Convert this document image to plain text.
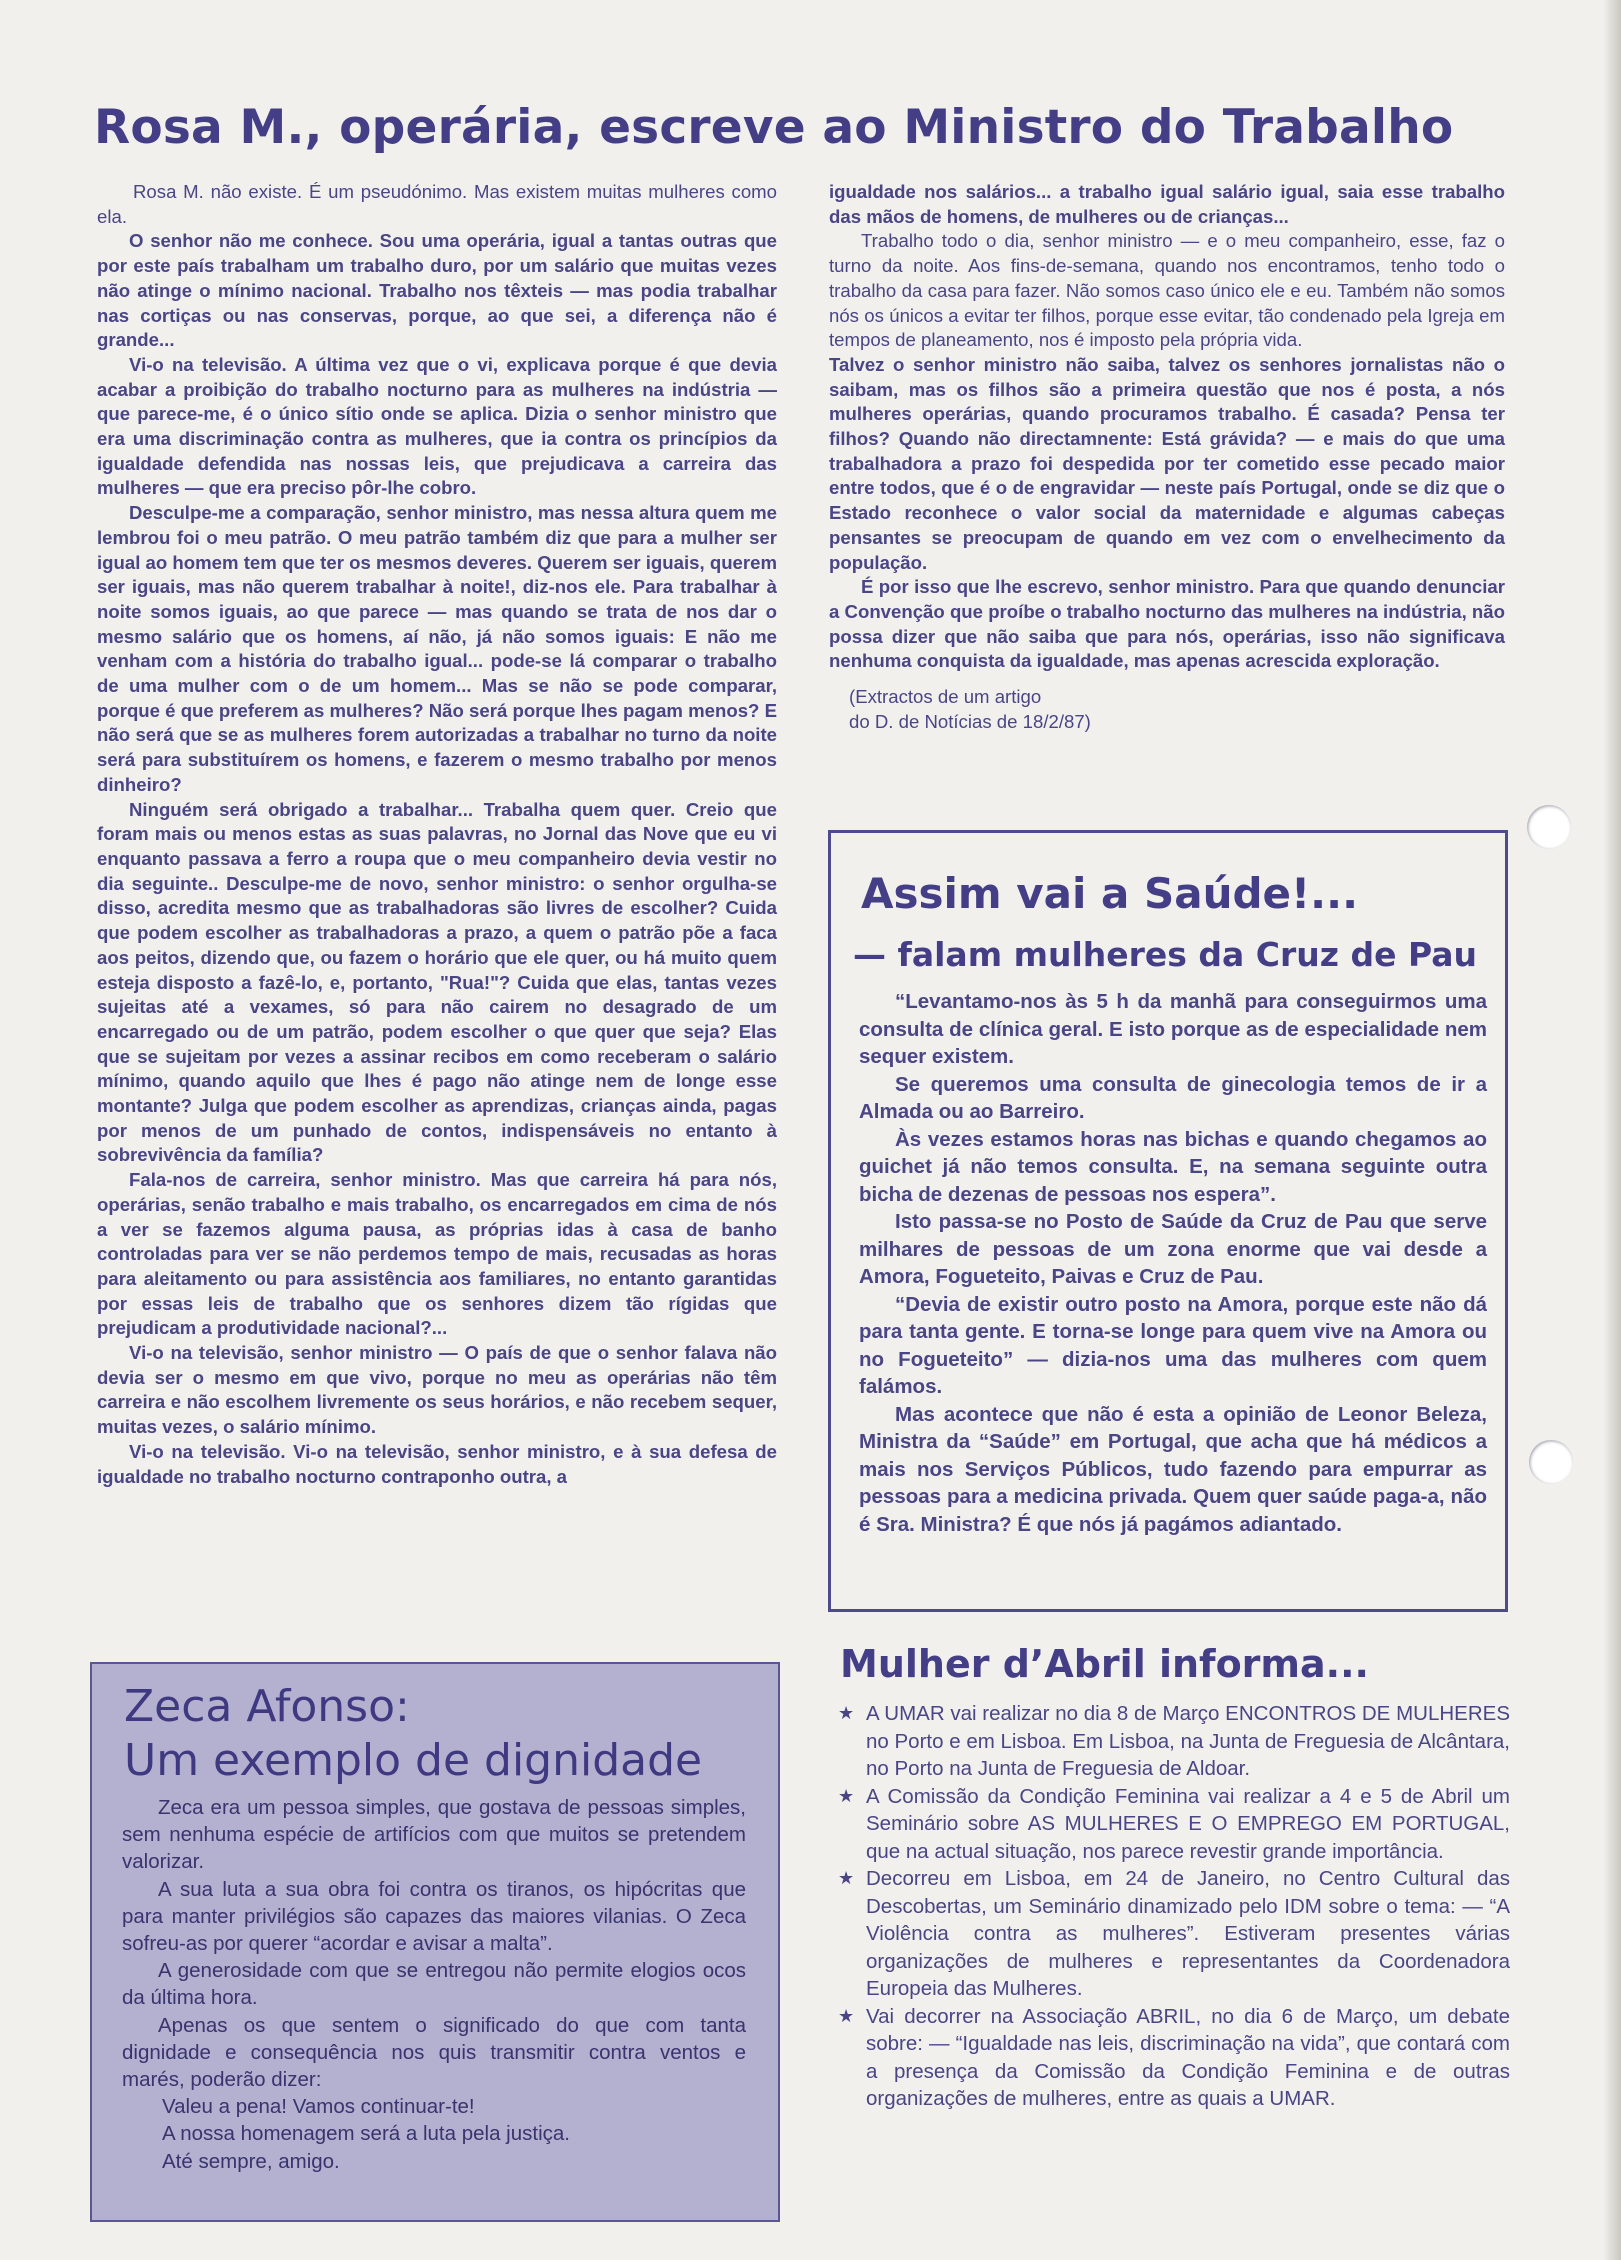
Rosa M., operária, escreve ao Ministro do Trabalho

Rosa M. não existe. É um pseudónimo. Mas existem muitas mulheres como ela.

O senhor não me conhece. Sou uma operária, igual a tantas outras que por este país trabalham um trabalho duro, por um salário que muitas vezes não atinge o mínimo nacional. Trabalho nos têxteis — mas podia trabalhar nas cortiças ou nas conservas, porque, ao que sei, a diferença não é grande...

Vi-o na televisão. A última vez que o vi, explicava porque é que devia acabar a proibição do trabalho nocturno para as mulheres na indústria — que parece-me, é o único sítio onde se aplica. Dizia o senhor ministro que era uma discriminação contra as mulheres, que ia contra os princípios da igualdade defendida nas nossas leis, que prejudicava a carreira das mulheres — que era preciso pôr-lhe cobro.

Desculpe-me a comparação, senhor ministro, mas nessa altura quem me lembrou foi o meu patrão. O meu patrão também diz que para a mulher ser igual ao homem tem que ter os mesmos deveres. Querem ser iguais, querem ser iguais, mas não querem trabalhar à noite!, diz-nos ele. Para trabalhar à noite somos iguais, ao que parece — mas quando se trata de nos dar o mesmo salário que os homens, aí não, já não somos iguais: E não me venham com a história do trabalho igual... pode-se lá comparar o trabalho de uma mulher com o de um homem... Mas se não se pode comparar, porque é que preferem as mulheres? Não será porque lhes pagam menos? E não será que se as mulheres forem autorizadas a trabalhar no turno da noite será para substituírem os homens, e fazerem o mesmo trabalho por menos dinheiro?

Ninguém será obrigado a trabalhar... Trabalha quem quer. Creio que foram mais ou menos estas as suas palavras, no Jornal das Nove que eu vi enquanto passava a ferro a roupa que o meu companheiro devia vestir no dia seguinte.. Desculpe-me de novo, senhor ministro: o senhor orgulha-se disso, acredita mesmo que as trabalhadoras são livres de escolher? Cuida que podem escolher as trabalhadoras a prazo, a quem o patrão põe a faca aos peitos, dizendo que, ou fazem o horário que ele quer, ou há muito quem esteja disposto a fazê-lo, e, portanto, "Rua!"? Cuida que elas, tantas vezes sujeitas até a vexames, só para não cairem no desagrado de um encarregado ou de um patrão, podem escolher o que quer que seja? Elas que se sujeitam por vezes a assinar recibos em como receberam o salário mínimo, quando aquilo que lhes é pago não atinge nem de longe esse montante? Julga que podem escolher as aprendizas, crianças ainda, pagas por menos de um punhado de contos, indispensáveis no entanto à sobrevivência da família?

Fala-nos de carreira, senhor ministro. Mas que carreira há para nós, operárias, senão trabalho e mais trabalho, os encarregados em cima de nós a ver se fazemos alguma pausa, as próprias idas à casa de banho controladas para ver se não perdemos tempo de mais, recusadas as horas para aleitamento ou para assistência aos familiares, no entanto garantidas por essas leis de trabalho que os senhores dizem tão rígidas que prejudicam a produtividade nacional?...

Vi-o na televisão, senhor ministro — O país de que o senhor falava não devia ser o mesmo em que vivo, porque no meu as operárias não têm carreira e não escolhem livremente os seus horários, e não recebem sequer, muitas vezes, o salário mínimo.

Vi-o na televisão. Vi-o na televisão, senhor ministro, e à sua defesa de igualdade no trabalho nocturno contraponho outra, a

igualdade nos salários... a trabalho igual salário igual, saia esse trabalho das mãos de homens, de mulheres ou de crianças...

Trabalho todo o dia, senhor ministro — e o meu companheiro, esse, faz o turno da noite. Aos fins-de-semana, quando nos encontramos, tenho todo o trabalho da casa para fazer. Não somos caso único ele e eu. Também não somos nós os únicos a evitar ter filhos, porque esse evitar, tão condenado pela Igreja em tempos de planeamento, nos é imposto pela própria vida.

Talvez o senhor ministro não saiba, talvez os senhores jornalistas não o saibam, mas os filhos são a primeira questão que nos é posta, a nós mulheres operárias, quando procuramos trabalho. É casada? Pensa ter filhos? Quando não directamnente: Está grávida? — e mais do que uma trabalhadora a prazo foi despedida por ter cometido esse pecado maior entre todos, que é o de engravidar — neste país Portugal, onde se diz que o Estado reconhece o valor social da maternidade e algumas cabeças pensantes se preocupam de quando em vez com o envelhecimento da população.

É por isso que lhe escrevo, senhor ministro. Para que quando denunciar a Convenção que proíbe o trabalho nocturno das mulheres na indústria, não possa dizer que não saiba que para nós, operárias, isso não significava nenhuma conquista da igualdade, mas apenas acrescida exploração.

(Extractos de um artigo
do D. de Notícias de 18/2/87)
Assim vai a Saúde!...
— falam mulheres da Cruz de Pau

“Levantamo-nos às 5 h da manhã para conseguirmos uma consulta de clínica geral. E isto porque as de especialidade nem sequer existem.

Se queremos uma consulta de ginecologia temos de ir a Almada ou ao Barreiro.

Às vezes estamos horas nas bichas e quando chegamos ao guichet já não temos consulta. E, na semana seguinte outra bicha de dezenas de pessoas nos espera”.

Isto passa-se no Posto de Saúde da Cruz de Pau que serve milhares de pessoas de um zona enorme que vai desde a Amora, Fogueteito, Paivas e Cruz de Pau.

“Devia de existir outro posto na Amora, porque este não dá para tanta gente. E torna-se longe para quem vive na Amora ou no Fogueteito” — dizia-nos uma das mulheres com quem falámos.

Mas acontece que não é esta a opinião de Leonor Beleza, Ministra da “Saúde” em Portugal, que acha que há médicos a mais nos Serviços Públicos, tudo fazendo para empurrar as pessoas para a medicina privada. Quem quer saúde paga-a, não é Sra. Ministra? É que nós já pagámos adiantado.

Zeca Afonso:
Um exemplo de dignidade

Zeca era um pessoa simples, que gostava de pessoas simples, sem nenhuma espécie de artifícios com que muitos se pretendem valorizar.

A sua luta a sua obra foi contra os tiranos, os hipócritas que para manter privilégios são capazes das maiores vilanias. O Zeca sofreu-as por querer “acordar e avisar a malta”.

A generosidade com que se entregou não permite elogios ocos da última hora.

Apenas os que sentem o significado do que com tanta dignidade e consequência nos quis transmitir contra ventos e marés, poderão dizer:

Valeu a pena! Vamos continuar-te!

A nossa homenagem será a luta pela justiça.

Até sempre, amigo.

Mulher d’Abril informa...
★ A UMAR vai realizar no dia 8 de Março ENCONTROS DE MULHERES no Porto e em Lisboa. Em Lisboa, na Junta de Freguesia de Alcântara, no Porto na Junta de Freguesia de Aldoar.
★ A Comissão da Condição Feminina vai realizar a 4 e 5 de Abril um Seminário sobre AS MULHERES E O EMPREGO EM PORTUGAL, que na actual situação, nos parece revestir grande importância.
★ Decorreu em Lisboa, em 24 de Janeiro, no Centro Cultural das Descobertas, um Seminário dinamizado pelo IDM sobre o tema: — “A Violência contra as mulheres”. Estiveram presentes várias organizações de mulheres e representantes da Coordenadora Europeia das Mulheres.
★ Vai decorrer na Associação ABRIL, no dia 6 de Março, um debate sobre: — “Igualdade nas leis, discriminação na vida”, que contará com a presença da Comissão da Condição Feminina e de outras organizações de mulheres, entre as quais a UMAR.
